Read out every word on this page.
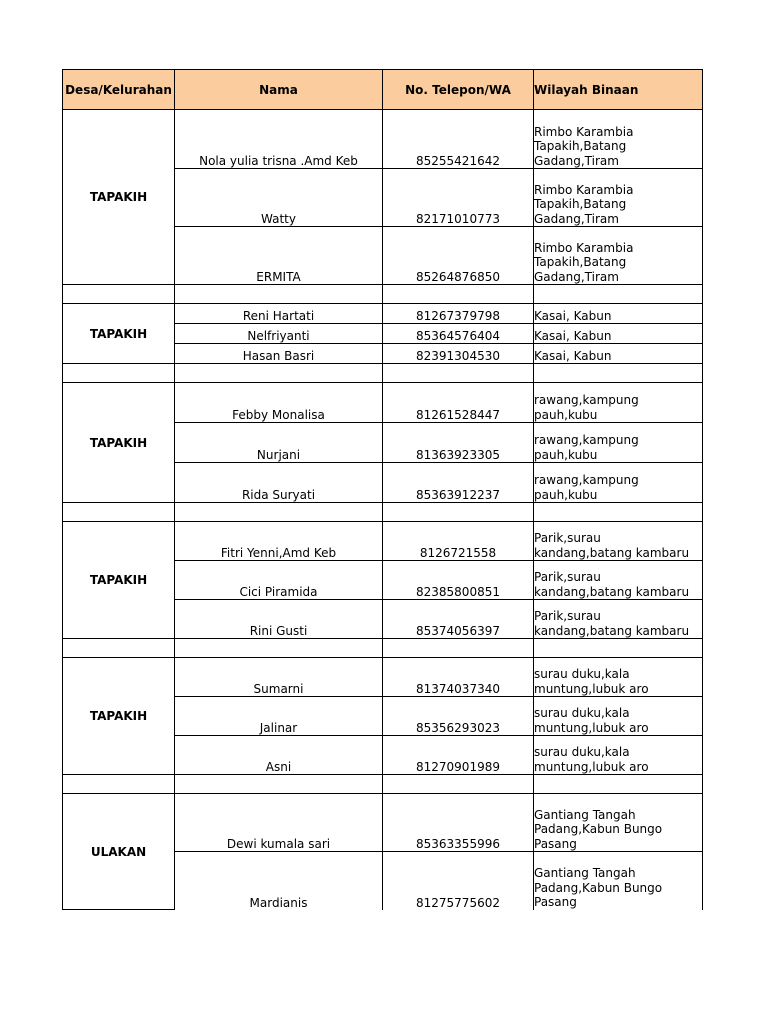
Desa/Kelurahan	Nama	No. Telepon/WA	Wilayah Binaan
TAPAKIH	Nola yulia trisna .Amd Keb	85255421642	Rimbo Karambia Tapakih,Batang Gadang,Tiram
	Watty	82171010773	Rimbo Karambia Tapakih,Batang Gadang,Tiram
	ERMITA	85264876850	Rimbo Karambia Tapakih,Batang Gadang,Tiram

TAPAKIH	Reni Hartati	81267379798	Kasai, Kabun
	Nelfriyanti	85364576404	Kasai, Kabun
	Hasan Basri	82391304530	Kasai, Kabun

TAPAKIH	Febby Monalisa	81261528447	rawang,kampung pauh,kubu
	Nurjani	81363923305	rawang,kampung pauh,kubu
	Rida Suryati	85363912237	rawang,kampung pauh,kubu

TAPAKIH	Fitri Yenni,Amd Keb	8126721558	Parik,surau kandang,batang kambaru
	Cici Piramida	82385800851	Parik,surau kandang,batang kambaru
	Rini Gusti	85374056397	Parik,surau kandang,batang kambaru

TAPAKIH	Sumarni	81374037340	surau duku,kala muntung,lubuk aro
	Jalinar	85356293023	surau duku,kala muntung,lubuk aro
	Asni	81270901989	surau duku,kala muntung,lubuk aro

ULAKAN	Dewi kumala sari	85363355996	Gantiang Tangah Padang,Kabun Bungo Pasang
	Mardianis	81275775602	Gantiang Tangah Padang,Kabun Bungo Pasang
